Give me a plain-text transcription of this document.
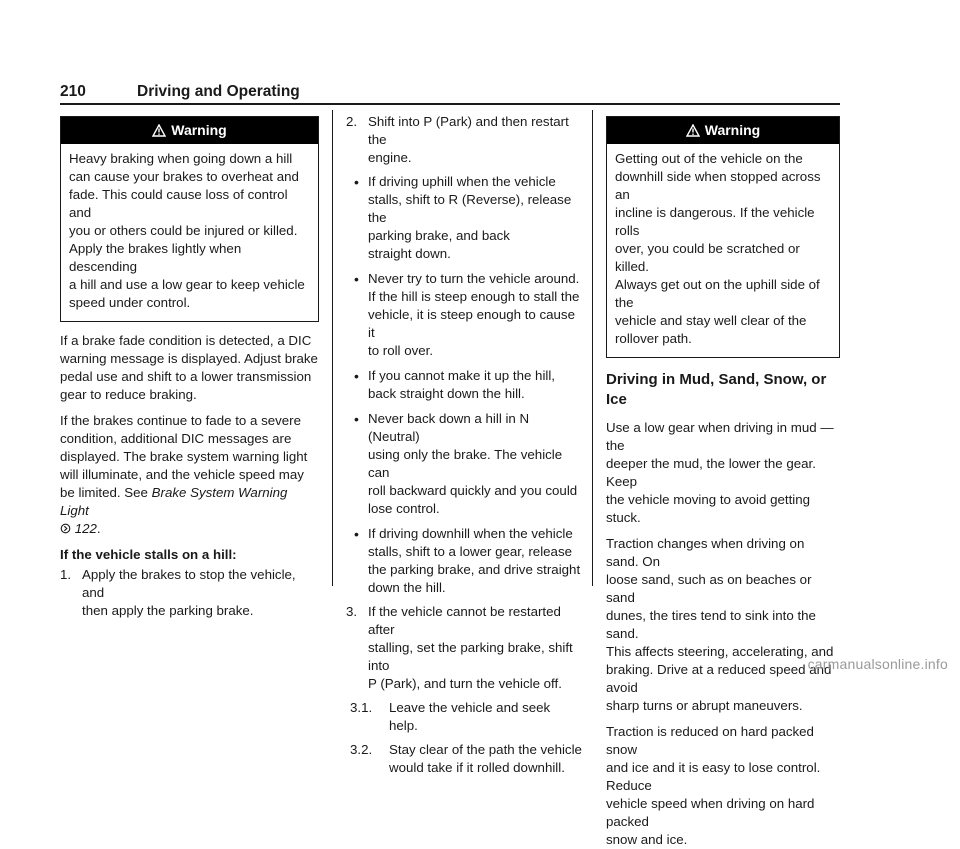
210	Driving and Operating
Warning
Heavy braking when going down a hill
can cause your brakes to overheat and
fade. This could cause loss of control and
you or others could be injured or killed.
Apply the brakes lightly when descending
a hill and use a low gear to keep vehicle
speed under control.
If a brake fade condition is detected, a DIC
warning message is displayed. Adjust brake
pedal use and shift to a lower transmission
gear to reduce braking.
If the brakes continue to fade to a severe
condition, additional DIC messages are
displayed. The brake system warning light
will illuminate, and the vehicle speed may
be limited. See Brake System Warning Light
122.
If the vehicle stalls on a hill:
1. Apply the brakes to stop the vehicle, and
then apply the parking brake.
2. Shift into P (Park) and then restart the
engine.
• If driving uphill when the vehicle
stalls, shift to R (Reverse), release the
parking brake, and back
straight down.
• Never try to turn the vehicle around.
If the hill is steep enough to stall the
vehicle, it is steep enough to cause it
to roll over.
• If you cannot make it up the hill,
back straight down the hill.
• Never back down a hill in N (Neutral)
using only the brake. The vehicle can
roll backward quickly and you could
lose control.
• If driving downhill when the vehicle
stalls, shift to a lower gear, release
the parking brake, and drive straight
down the hill.
3. If the vehicle cannot be restarted after
stalling, set the parking brake, shift into
P (Park), and turn the vehicle off.
3.1. Leave the vehicle and seek help.
3.2. Stay clear of the path the vehicle
would take if it rolled downhill.
Warning
Getting out of the vehicle on the
downhill side when stopped across an
incline is dangerous. If the vehicle rolls
over, you could be scratched or killed.
Always get out on the uphill side of the
vehicle and stay well clear of the
rollover path.
Driving in Mud, Sand, Snow, or Ice
Use a low gear when driving in mud — the
deeper the mud, the lower the gear. Keep
the vehicle moving to avoid getting stuck.
Traction changes when driving on sand. On
loose sand, such as on beaches or sand
dunes, the tires tend to sink into the sand.
This affects steering, accelerating, and
braking. Drive at a reduced speed and avoid
sharp turns or abrupt maneuvers.
Traction is reduced on hard packed snow
and ice and it is easy to lose control. Reduce
vehicle speed when driving on hard packed
snow and ice.
carmanualsonline.info
